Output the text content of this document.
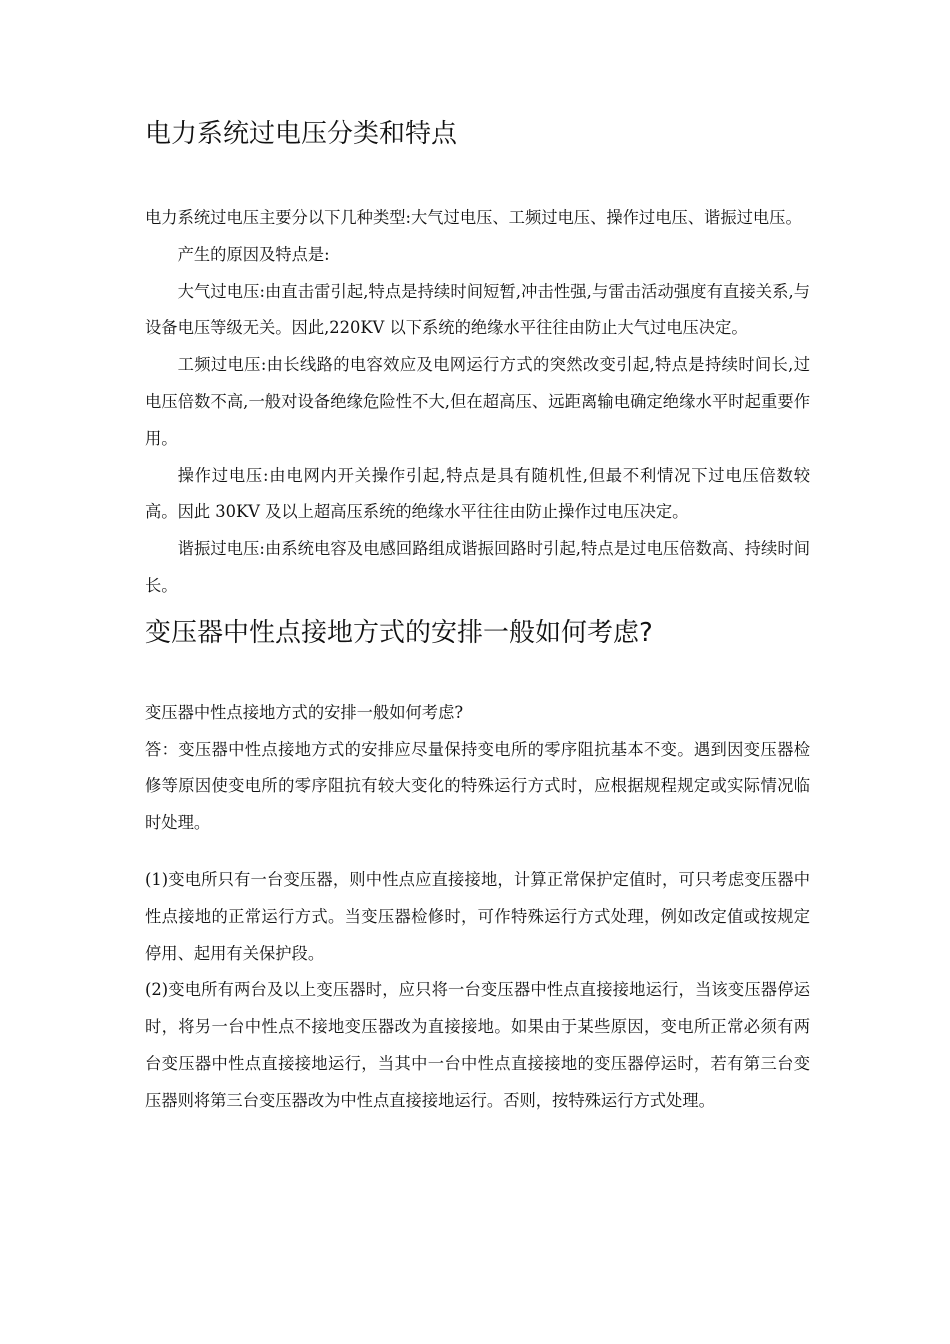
电力系统过电压分类和特点

电力系统过电压主要分以下几种类型:大气过电压、工频过电压、操作过电压、谐振过电压。

产生的原因及特点是:

大气过电压:由直击雷引起,特点是持续时间短暂,冲击性强,与雷击活动强度有直接关系,与设备电压等级无关。因此,220KV 以下系统的绝缘水平往往由防止大气过电压决定。

工频过电压:由长线路的电容效应及电网运行方式的突然改变引起,特点是持续时间长,过电压倍数不高,一般对设备绝缘危险性不大,但在超高压、远距离输电确定绝缘水平时起重要作用。

操作过电压:由电网内开关操作引起,特点是具有随机性,但最不利情况下过电压倍数较高。因此 30KV 及以上超高压系统的绝缘水平往往由防止操作过电压决定。

谐振过电压:由系统电容及电感回路组成谐振回路时引起,特点是过电压倍数高、持续时间长。

变压器中性点接地方式的安排一般如何考虑?

变压器中性点接地方式的安排一般如何考虑?

答：变压器中性点接地方式的安排应尽量保持变电所的零序阻抗基本不变。遇到因变压器检修等原因使变电所的零序阻抗有较大变化的特殊运行方式时，应根据规程规定或实际情况临时处理。

(1)变电所只有一台变压器，则中性点应直接接地，计算正常保护定值时，可只考虑变压器中性点接地的正常运行方式。当变压器检修时，可作特殊运行方式处理，例如改定值或按规定停用、起用有关保护段。

(2)变电所有两台及以上变压器时，应只将一台变压器中性点直接接地运行，当该变压器停运时，将另一台中性点不接地变压器改为直接接地。如果由于某些原因，变电所正常必须有两台变压器中性点直接接地运行，当其中一台中性点直接接地的变压器停运时，若有第三台变压器则将第三台变压器改为中性点直接接地运行。否则，按特殊运行方式处理。
